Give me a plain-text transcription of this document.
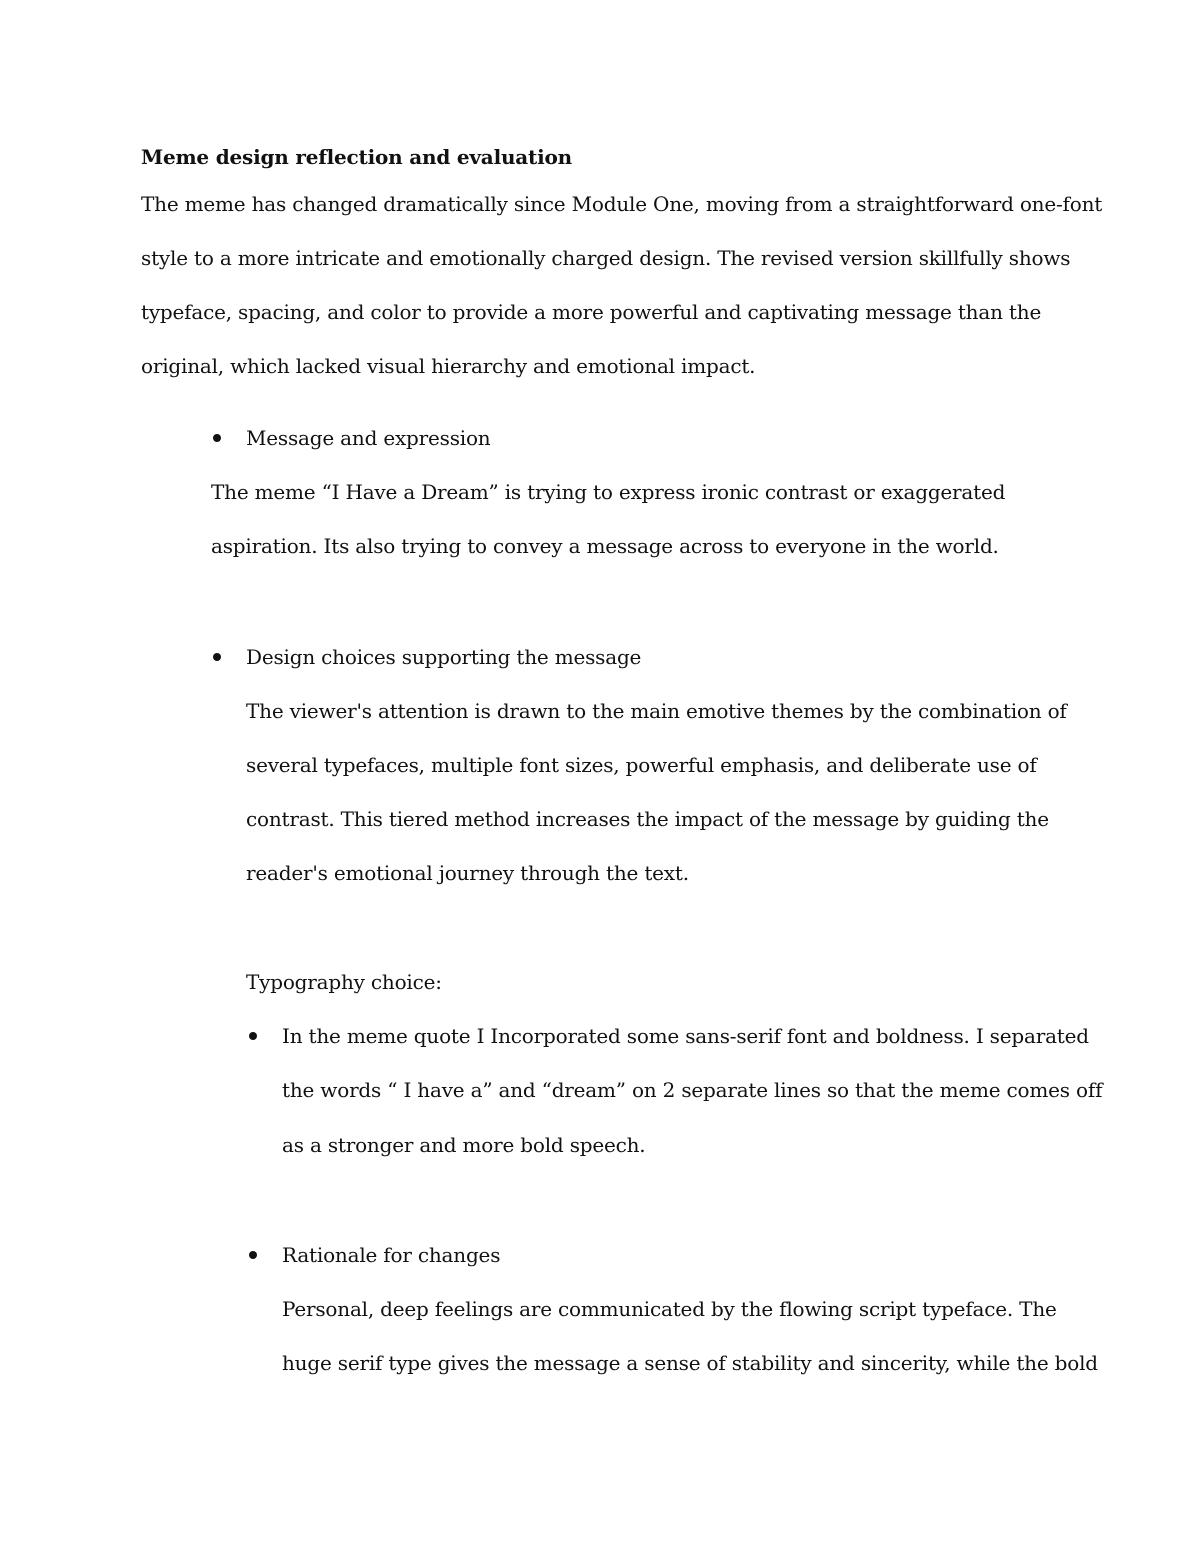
Meme design reflection and evaluation
The meme has changed dramatically since Module One, moving from a straightforward one-font
style to a more intricate and emotionally charged design. The revised version skillfully shows
typeface, spacing, and color to provide a more powerful and captivating message than the
original, which lacked visual hierarchy and emotional impact.
Message and expression
The meme “I Have a Dream” is trying to express ironic contrast or exaggerated
aspiration. Its also trying to convey a message across to everyone in the world.
Design choices supporting the message
The viewer's attention is drawn to the main emotive themes by the combination of
several typefaces, multiple font sizes, powerful emphasis, and deliberate use of
contrast. This tiered method increases the impact of the message by guiding the
reader's emotional journey through the text.
Typography choice:
In the meme quote I Incorporated some sans-serif font and boldness. I separated
the words “ I have a” and “dream” on 2 separate lines so that the meme comes off
as a stronger and more bold speech.
Rationale for changes
Personal, deep feelings are communicated by the flowing script typeface. The
huge serif type gives the message a sense of stability and sincerity, while the bold
